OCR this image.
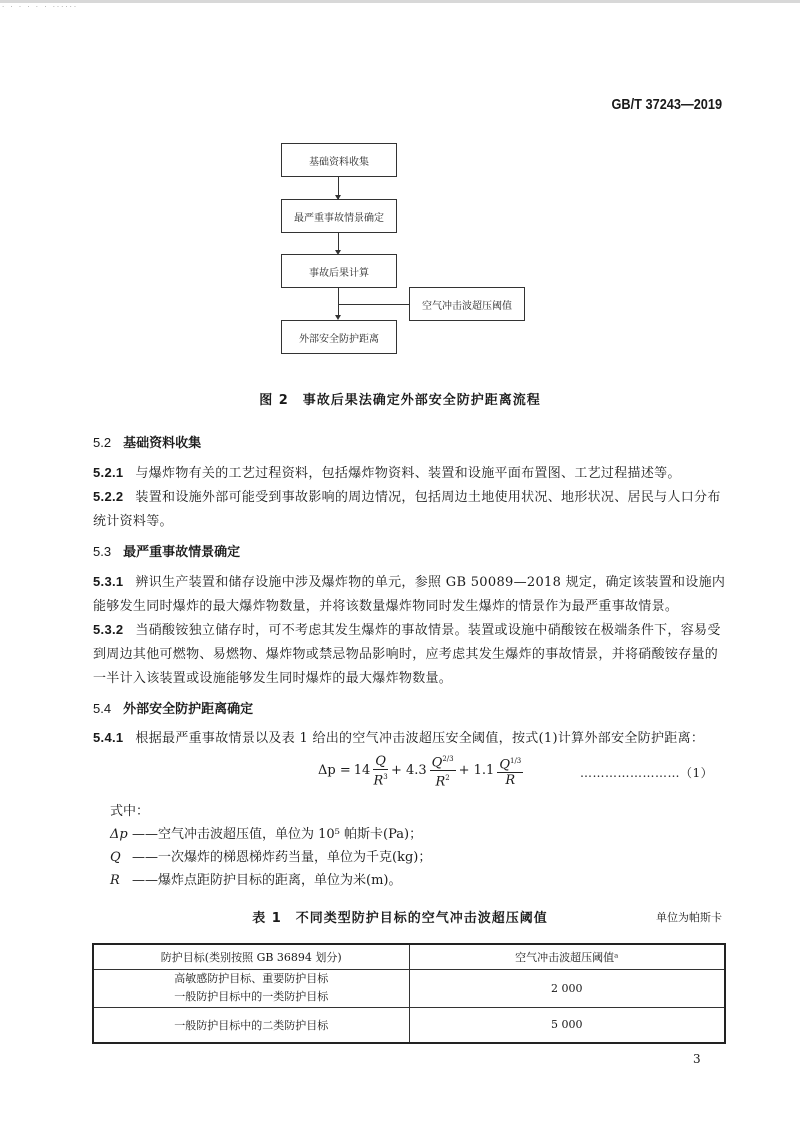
· · · · · · ······
GB/T 37243—2019
基础资料收集
最严重事故情景确定
事故后果计算
空气冲击波超压阈值
外部安全防护距离
图 2　事故后果法确定外部安全防护距离流程
5.2 基础资料收集
5.2.1 与爆炸物有关的工艺过程资料，包括爆炸物资料、装置和设施平面布置图、工艺过程描述等。
5.2.2 装置和设施外部可能受到事故影响的周边情况，包括周边土地使用状况、地形状况、居民与人口分布统计资料等。
5.3 最严重事故情景确定
5.3.1 辨识生产装置和储存设施中涉及爆炸物的单元，参照 GB 50089—2018 规定，确定该装置和设施内能够发生同时爆炸的最大爆炸物数量，并将该数量爆炸物同时发生爆炸的情景作为最严重事故情景。
5.3.2 当硝酸铵独立储存时，可不考虑其发生爆炸的事故情景。装置或设施中硝酸铵在极端条件下，容易受到周边其他可燃物、易燃物、爆炸物或禁忌物品影响时，应考虑其发生爆炸的事故情景，并将硝酸铵存量的一半计入该装置或设施能够发生同时爆炸的最大爆炸物数量。
5.4 外部安全防护距离确定
5.4.1 根据最严重事故情景以及表 1 给出的空气冲击波超压安全阈值，按式(1)计算外部安全防护距离：
$\Delta p = 14 \frac{Q}{R^3} + 4.3 \frac{Q^{2/3}}{R^2} + 1.1 \frac{Q^{1/3}}{R}$	……………………（1）
式中：
Δp ——空气冲击波超压值，单位为 10⁵ 帕斯卡(Pa)；
Q ——一次爆炸的梯恩梯炸药当量，单位为千克(kg)；
R ——爆炸点距防护目标的距离，单位为米(m)。
表 1　不同类型防护目标的空气冲击波超压阈值	单位为帕斯卡
防护目标(类别按照 GB 36894 划分)	空气冲击波超压阈值ᵃ

高敏感防护目标、重要防护目标
一般防护目标中的一类防护目标	2 000
一般防护目标中的二类防护目标	5 000
3
